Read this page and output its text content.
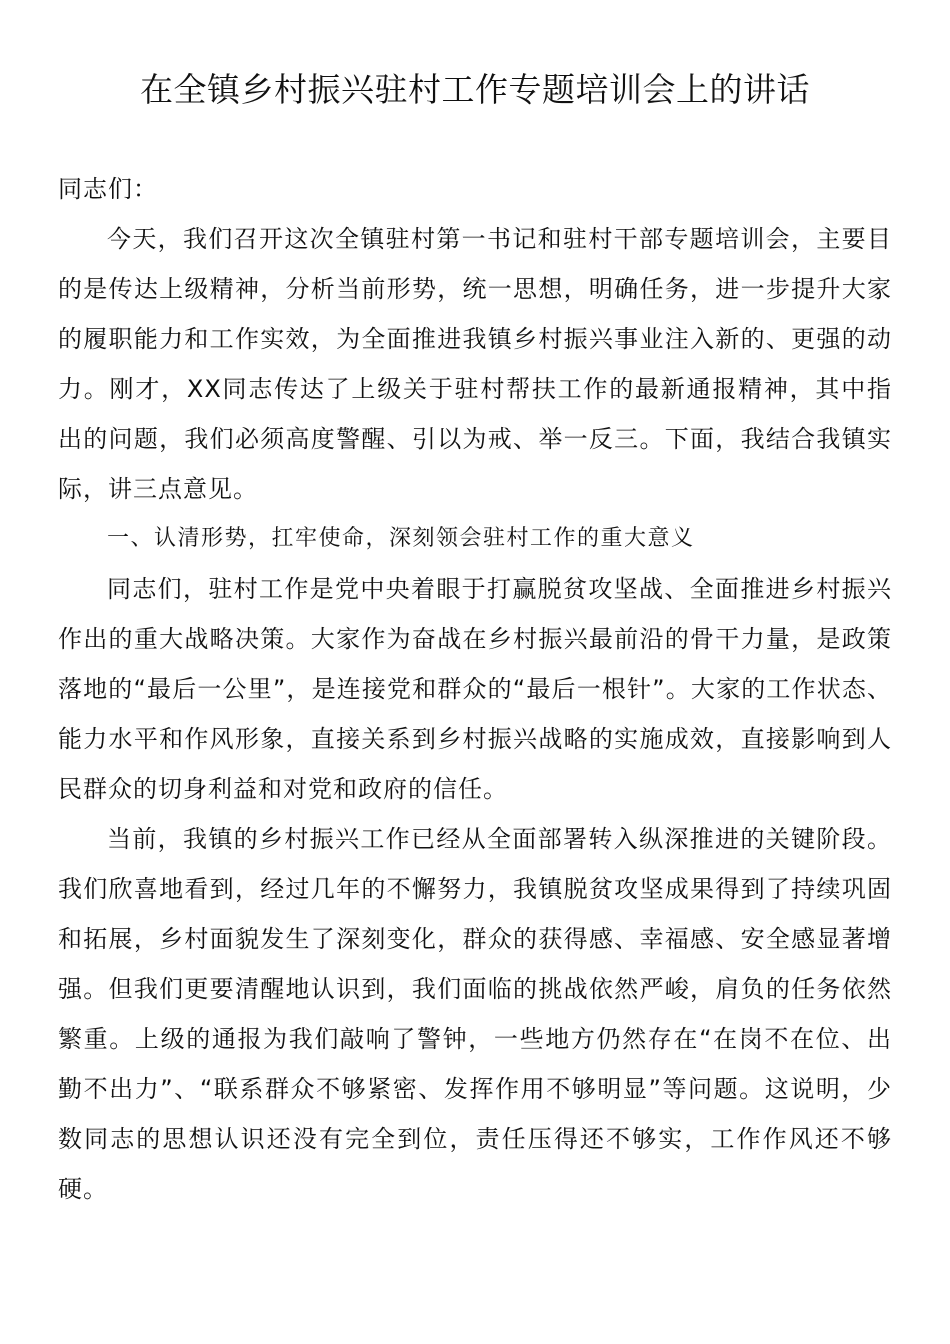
在全镇乡村振兴驻村工作专题培训会上的讲话

同志们：

今天，我们召开这次全镇驻村第一书记和驻村干部专题培训会，主要目的是传达上级精神，分析当前形势，统一思想，明确任务，进一步提升大家的履职能力和工作实效，为全面推进我镇乡村振兴事业注入新的、更强的动力。刚才，XX同志传达了上级关于驻村帮扶工作的最新通报精神，其中指出的问题，我们必须高度警醒、引以为戒、举一反三。下面，我结合我镇实际，讲三点意见。

一、认清形势，扛牢使命，深刻领会驻村工作的重大意义

同志们，驻村工作是党中央着眼于打赢脱贫攻坚战、全面推进乡村振兴作出的重大战略决策。大家作为奋战在乡村振兴最前沿的骨干力量，是政策落地的“最后一公里”，是连接党和群众的“最后一根针”。大家的工作状态、能力水平和作风形象，直接关系到乡村振兴战略的实施成效，直接影响到人民群众的切身利益和对党和政府的信任。

当前，我镇的乡村振兴工作已经从全面部署转入纵深推进的关键阶段。我们欣喜地看到，经过几年的不懈努力，我镇脱贫攻坚成果得到了持续巩固和拓展，乡村面貌发生了深刻变化，群众的获得感、幸福感、安全感显著增强。但我们更要清醒地认识到，我们面临的挑战依然严峻，肩负的任务依然繁重。上级的通报为我们敲响了警钟，一些地方仍然存在“在岗不在位、出勤不出力”、“联系群众不够紧密、发挥作用不够明显”等问题。这说明，少数同志的思想认识还没有完全到位，责任压得还不够实，工作作风还不够硬。
